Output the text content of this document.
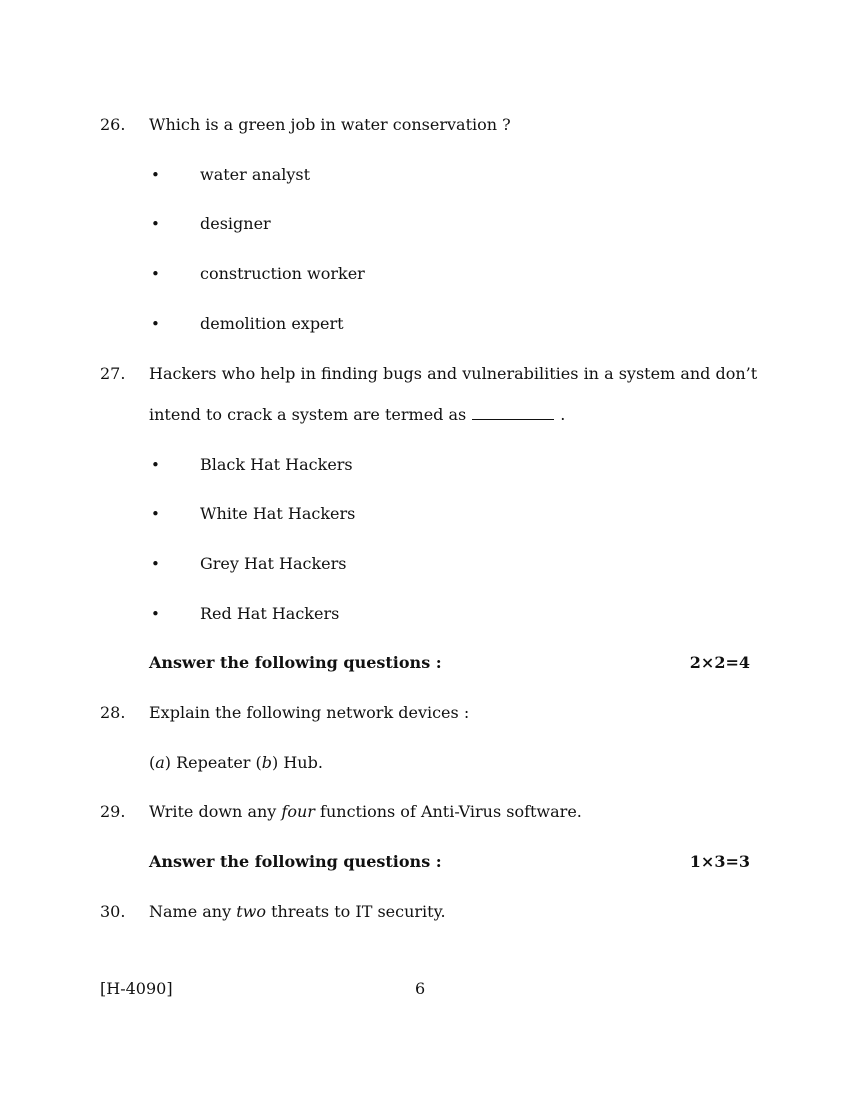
26. Which is a green job in water conservation ?
•	water analyst
•	designer
•	construction worker
•	demolition expert
27. Hackers who help in finding bugs and vulnerabilities in a system and don’t
intend to crack a system are termed as	.
•	Black Hat Hackers
•	White Hat Hackers
•	Grey Hat Hackers
•	Red Hat Hackers
Answer the following questions :	2×2=4
28. Explain the following network devices :
(a) Repeater (b) Hub.
29. Write down any four functions of Anti-Virus software.
Answer the following questions :	1×3=3
30. Name any two threats to IT security.
[H-4090]	6
